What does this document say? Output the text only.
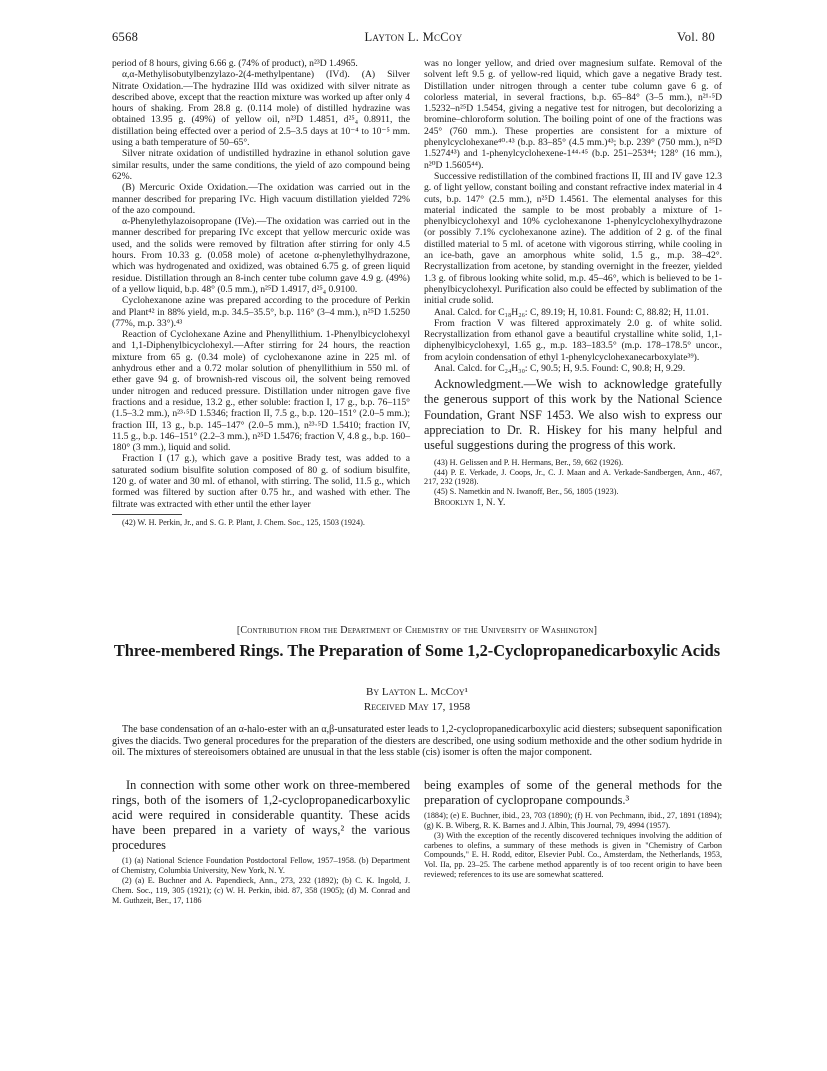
6568	Layton L. McCoy	Vol. 80

period of 8 hours, giving 6.66 g. (74% of product), n²³D 1.4965.

α,α-Methylisobutylbenzylazo-2(4-methylpentane) (IVd). (A) Silver Nitrate Oxidation.—The hydrazine IIId was oxidized with silver nitrate as described above, except that the reaction mixture was worked up after only 4 hours of shaking. From 28.8 g. (0.114 mole) of distilled hydrazine was obtained 13.95 g. (49%) of yellow oil, n²³D 1.4851, d²⁵₄ 0.8911, the distillation being effected over a period of 2.5–3.5 days at 10⁻⁴ to 10⁻⁵ mm. using a bath temperature of 50–65°.

Silver nitrate oxidation of undistilled hydrazine in ethanol solution gave similar results, under the same conditions, the yield of azo compound being 62%.

(B) Mercuric Oxide Oxidation.—The oxidation was carried out in the manner described for preparing IVc. High vacuum distillation yielded 72% of the azo compound.

α-Phenylethylazoisopropane (IVe).—The oxidation was carried out in the manner described for preparing IVc except that yellow mercuric oxide was used, and the solids were removed by filtration after stirring for only 4.5 hours. From 10.33 g. (0.058 mole) of acetone α-phenylethylhydrazone, which was hydrogenated and oxidized, was obtained 6.75 g. of green liquid residue. Distillation through an 8-inch center tube column gave 4.9 g. (49%) of a yellow liquid, b.p. 48° (0.5 mm.), n²⁵D 1.4917, d²⁵₄ 0.9100.

Cyclohexanone azine was prepared according to the procedure of Perkin and Plant⁴² in 88% yield, m.p. 34.5–35.5°, b.p. 116° (3–4 mm.), n²⁵D 1.5250 (77%, m.p. 33°).⁴³

Reaction of Cyclohexane Azine and Phenyllithium. 1-Phenylbicyclohexyl and 1,1-Diphenylbicyclohexyl.—After stirring for 24 hours, the reaction mixture from 65 g. (0.34 mole) of cyclohexanone azine in 225 ml. of anhydrous ether and a 0.72 molar solution of phenyllithium in 550 ml. of ether gave 94 g. of brownish-red viscous oil, the solvent being removed under nitrogen and reduced pressure. Distillation under nitrogen gave five fractions and a residue, 13.2 g., ether soluble: fraction I, 17 g., b.p. 76–115° (1.5–3.2 mm.), n²³·⁵D 1.5346; fraction II, 7.5 g., b.p. 120–151° (2.0–5 mm.); fraction III, 13 g., b.p. 145–147° (2.0–5 mm.), n²³·⁵D 1.5410; fraction IV, 11.5 g., b.p. 146–151° (2.2–3 mm.), n²⁵D 1.5476; fraction V, 4.8 g., b.p. 160–180° (3 mm.), liquid and solid.

Fraction I (17 g.), which gave a positive Brady test, was added to a saturated sodium bisulfite solution composed of 80 g. of sodium bisulfite, 120 g. of water and 30 ml. of ethanol, with stirring. The solid, 11.5 g., which formed was filtered by suction after 0.75 hr., and washed with ether. The filtrate was extracted with ether until the ether layer

(42) W. H. Perkin, Jr., and S. G. P. Plant, J. Chem. Soc., 125, 1503 (1924).

was no longer yellow, and dried over magnesium sulfate. Removal of the solvent left 9.5 g. of yellow-red liquid, which gave a negative Brady test. Distillation under nitrogen through a center tube column gave 6 g. of colorless material, in several fractions, b.p. 65–84° (3–5 mm.), n²¹·⁵D 1.5232–n²⁵D 1.5454, giving a negative test for nitrogen, but decolorizing a bromine–chloroform solution. The boiling point of one of the fractions was 245° (760 mm.). These properties are consistent for a mixture of phenylcyclohexane⁴⁰·⁴³ (b.p. 83–85° (4.5 mm.)⁴³; b.p. 239° (750 mm.), n²⁵D 1.5274⁴³) and 1-phenylcyclohexene-1⁴⁴·⁴⁵ (b.p. 251–253⁴⁴; 128° (16 mm.), n²⁰D 1.5605⁴⁴).

Successive redistillation of the combined fractions II, III and IV gave 12.3 g. of light yellow, constant boiling and constant refractive index material in 4 cuts, b.p. 147° (2.5 mm.), n²⁵D 1.4561. The elemental analyses for this material indicated the sample to be most probably a mixture of 1-phenylbicyclohexyl and 10% cyclohexanone 1-phenylcyclohexylhydrazone (or possibly 7.1% cyclohexanone azine). The addition of 2 g. of the final distilled material to 5 ml. of acetone with vigorous stirring, while cooling in an ice-bath, gave an amorphous white solid, 1.5 g., m.p. 38–42°. Recrystallization from acetone, by standing overnight in the freezer, yielded 1.3 g. of fibrous looking white solid, m.p. 45–46°, which is believed to be 1-phenylbicyclohexyl. Purification also could be effected by sublimation of the initial crude solid.

Anal. Calcd. for C₁₈H₂₆: C, 89.19; H, 10.81. Found: C, 88.82; H, 11.01.

From fraction V was filtered approximately 2.0 g. of white solid. Recrystallization from ethanol gave a beautiful crystalline white solid, 1,1-diphenylbicyclohexyl, 1.65 g., m.p. 183–183.5° (m.p. 178–178.5° uncor., from acyloin condensation of ethyl 1-phenylcyclohexanecarboxylate³⁹).

Anal. Calcd. for C₂₄H₃₀: C, 90.5; H, 9.5. Found: C, 90.8; H, 9.29.

Acknowledgment.—We wish to acknowledge gratefully the generous support of this work by the National Science Foundation, Grant NSF 1453. We also wish to express our appreciation to Dr. R. Hiskey for his many helpful and useful suggestions during the progress of this work.

(43) H. Gelissen and P. H. Hermans, Ber., 59, 662 (1926).

(44) P. E. Verkade, J. Coops, Jr., C. J. Maan and A. Verkade-Sandbergen, Ann., 467, 217, 232 (1928).

(45) S. Nametkin and N. Iwanoff, Ber., 56, 1805 (1923).

Brooklyn 1, N. Y.

[Contribution from the Department of Chemistry of the University of Washington]
Three-membered Rings. The Preparation of Some 1,2-Cyclopropanedicarboxylic Acids
By Layton L. McCoy¹
Received May 17, 1958

The base condensation of an α-halo-ester with an α,β-unsaturated ester leads to 1,2-cyclopropanedicarboxylic acid diesters; subsequent saponification gives the diacids. Two general procedures for the preparation of the diesters are described, one using sodium methoxide and the other sodium hydride in oil. The mixtures of stereoisomers obtained are unusual in that the less stable (cis) isomer is often the major component.

In connection with some other work on three-membered rings, both of the isomers of 1,2-cyclopropanedicarboxylic acid were required in considerable quantity. These acids have been prepared in a variety of ways,² the various procedures

(1) (a) National Science Foundation Postdoctoral Fellow, 1957–1958. (b) Department of Chemistry, Columbia University, New York, N. Y.

(2) (a) E. Buchner and A. Papendieck, Ann., 273, 232 (1892); (b) C. K. Ingold, J. Chem. Soc., 119, 305 (1921); (c) W. H. Perkin, ibid. 87, 358 (1905); (d) M. Conrad and M. Guthzeit, Ber., 17, 1186

being examples of some of the general methods for the preparation of cyclopropane compounds.³

(1884); (e) E. Buchner, ibid., 23, 703 (1890); (f) H. von Pechmann, ibid., 27, 1891 (1894); (g) K. B. Wiberg, R. K. Barnes and J. Albin, This Journal, 79, 4994 (1957).

(3) With the exception of the recently discovered techniques involving the addition of carbenes to olefins, a summary of these methods is given in "Chemistry of Carbon Compounds," E. H. Rodd, editor, Elsevier Publ. Co., Amsterdam, the Netherlands, 1953, Vol. IIa, pp. 23–25. The carbene method apparently is of too recent origin to have been reviewed; references to its use are somewhat scattered.
